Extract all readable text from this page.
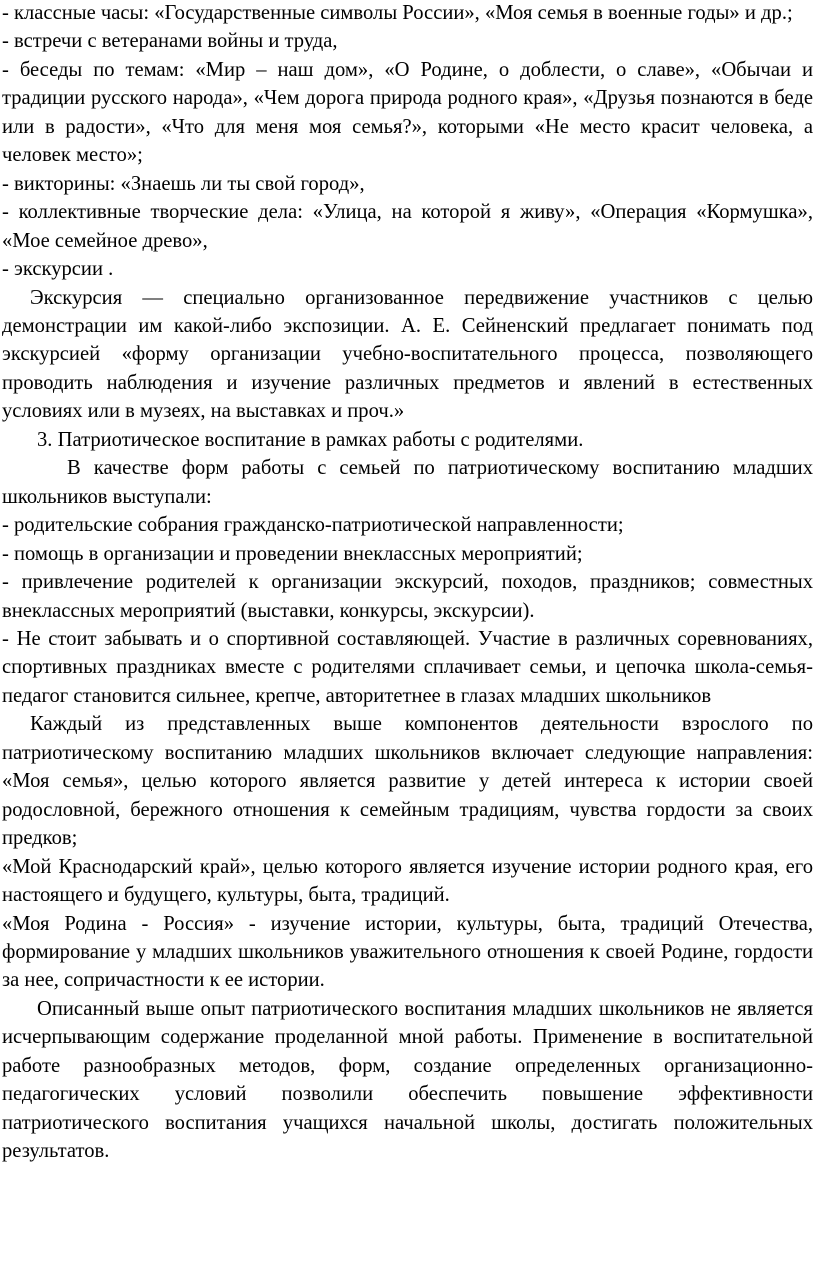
- классные часы: «Государственные символы России», «Моя семья в военные годы» и др.;

- встречи с ветеранами войны и труда,

- беседы по темам: «Мир – наш дом», «О Родине, о доблести, о славе», «Обычаи и традиции русского народа», «Чем дорога природа родного края», «Друзья познаются в беде или в радости», «Что для меня моя семья?», которыми «Не место красит человека, а человек место»;

- викторины: «Знаешь ли ты свой город»,

- коллективные творческие дела: «Улица, на которой я живу», «Операция «Кормушка», «Мое семейное древо»,

- экскурсии .

Экскурсия — специально организованное передвижение участников с целью демонстрации им какой-либо экспозиции. А. Е. Сейненский предлагает понимать под экскурсией «форму организации учебно-воспитательного процесса, позволяющего проводить наблюдения и изучение различных предметов и явлений в естественных условиях или в музеях, на выставках и проч.»

3. Патриотическое воспитание в рамках работы с родителями.

В качестве форм работы с семьей по патриотическому воспитанию младших школьников выступали:

- родительские собрания гражданско-патриотической направленности;

- помощь в организации и проведении внеклассных мероприятий;

- привлечение родителей к организации экскурсий, походов, праздников; совместных внеклассных мероприятий (выставки, конкурсы, экскурсии).

- Не стоит забывать и о спортивной составляющей. Участие в различных соревнованиях, спортивных праздниках вместе с родителями сплачивает семьи, и цепочка школа-семья-педагог становится сильнее, крепче, авторитетнее в глазах младших школьников

Каждый из представленных выше компонентов деятельности взрослого по патриотическому воспитанию младших школьников включает следующие направления: «Моя семья», целью которого является развитие у детей интереса к истории своей родословной, бережного отношения к семейным традициям, чувства гордости за своих предков;

«Мой Краснодарский край», целью которого является изучение истории родного края, его настоящего и будущего, культуры, быта, традиций.

«Моя Родина - Россия» - изучение истории, культуры, быта, традиций Отечества, формирование у младших школьников уважительного отношения к своей Родине, гордости за нее, сопричастности к ее истории.

Описанный выше опыт патриотического воспитания младших школьников не является исчерпывающим содержание проделанной мной работы. Применение в воспитательной работе разнообразных методов, форм, создание определенных организационно-педагогических условий позволили обеспечить повышение эффективности патриотического воспитания учащихся начальной школы, достигать положительных результатов.
